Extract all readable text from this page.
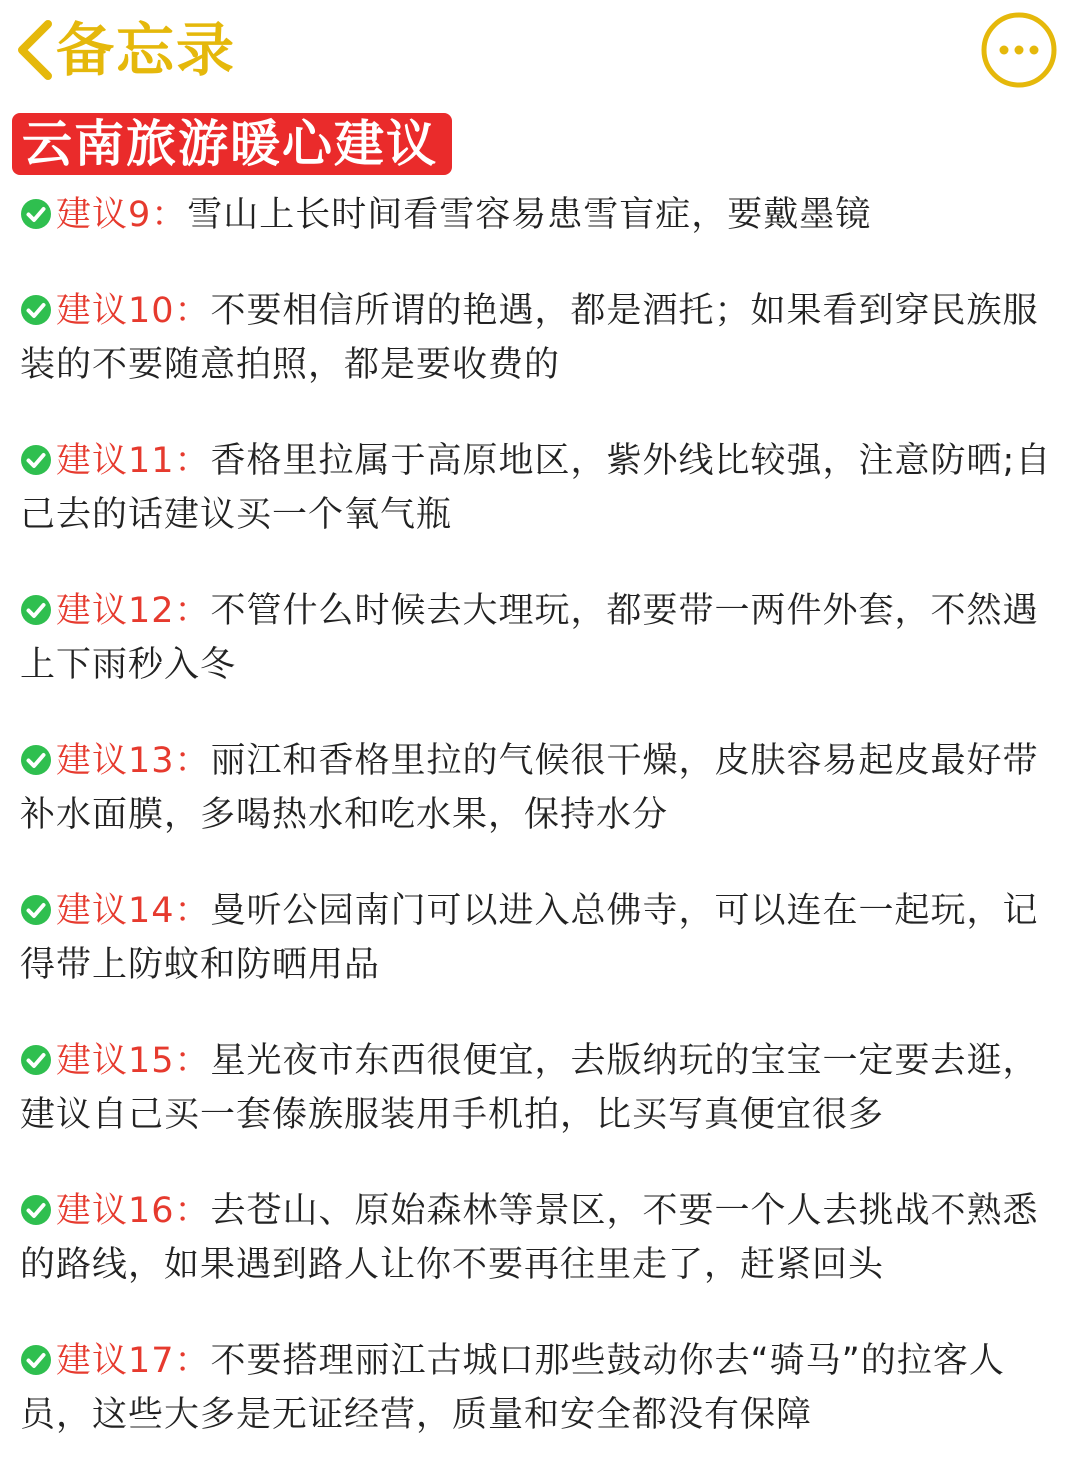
备忘录
云南旅游暖心建议
建议9：雪山上长时间看雪容易患雪盲症，要戴墨镜
建议10：不要相信所谓的艳遇，都是酒托；如果看到穿民族服装的不要随意拍照，都是要收费的
建议11：香格里拉属于高原地区，紫外线比较强，注意防晒;自己去的话建议买一个氧气瓶
建议12：不管什么时候去大理玩，都要带一两件外套，不然遇上下雨秒入冬
建议13：丽江和香格里拉的气候很干燥，皮肤容易起皮最好带补水面膜，多喝热水和吃水果，保持水分
建议14：曼听公园南门可以进入总佛寺，可以连在一起玩，记得带上防蚊和防晒用品
建议15：星光夜市东西很便宜，去版纳玩的宝宝一定要去逛，建议自己买一套傣族服装用手机拍，比买写真便宜很多
建议16：去苍山、原始森林等景区，不要一个人去挑战不熟悉的路线，如果遇到路人让你不要再往里走了，赶紧回头
建议17：不要搭理丽江古城口那些鼓动你去“骑马”的拉客人员，这些大多是无证经营，质量和安全都没有保障
